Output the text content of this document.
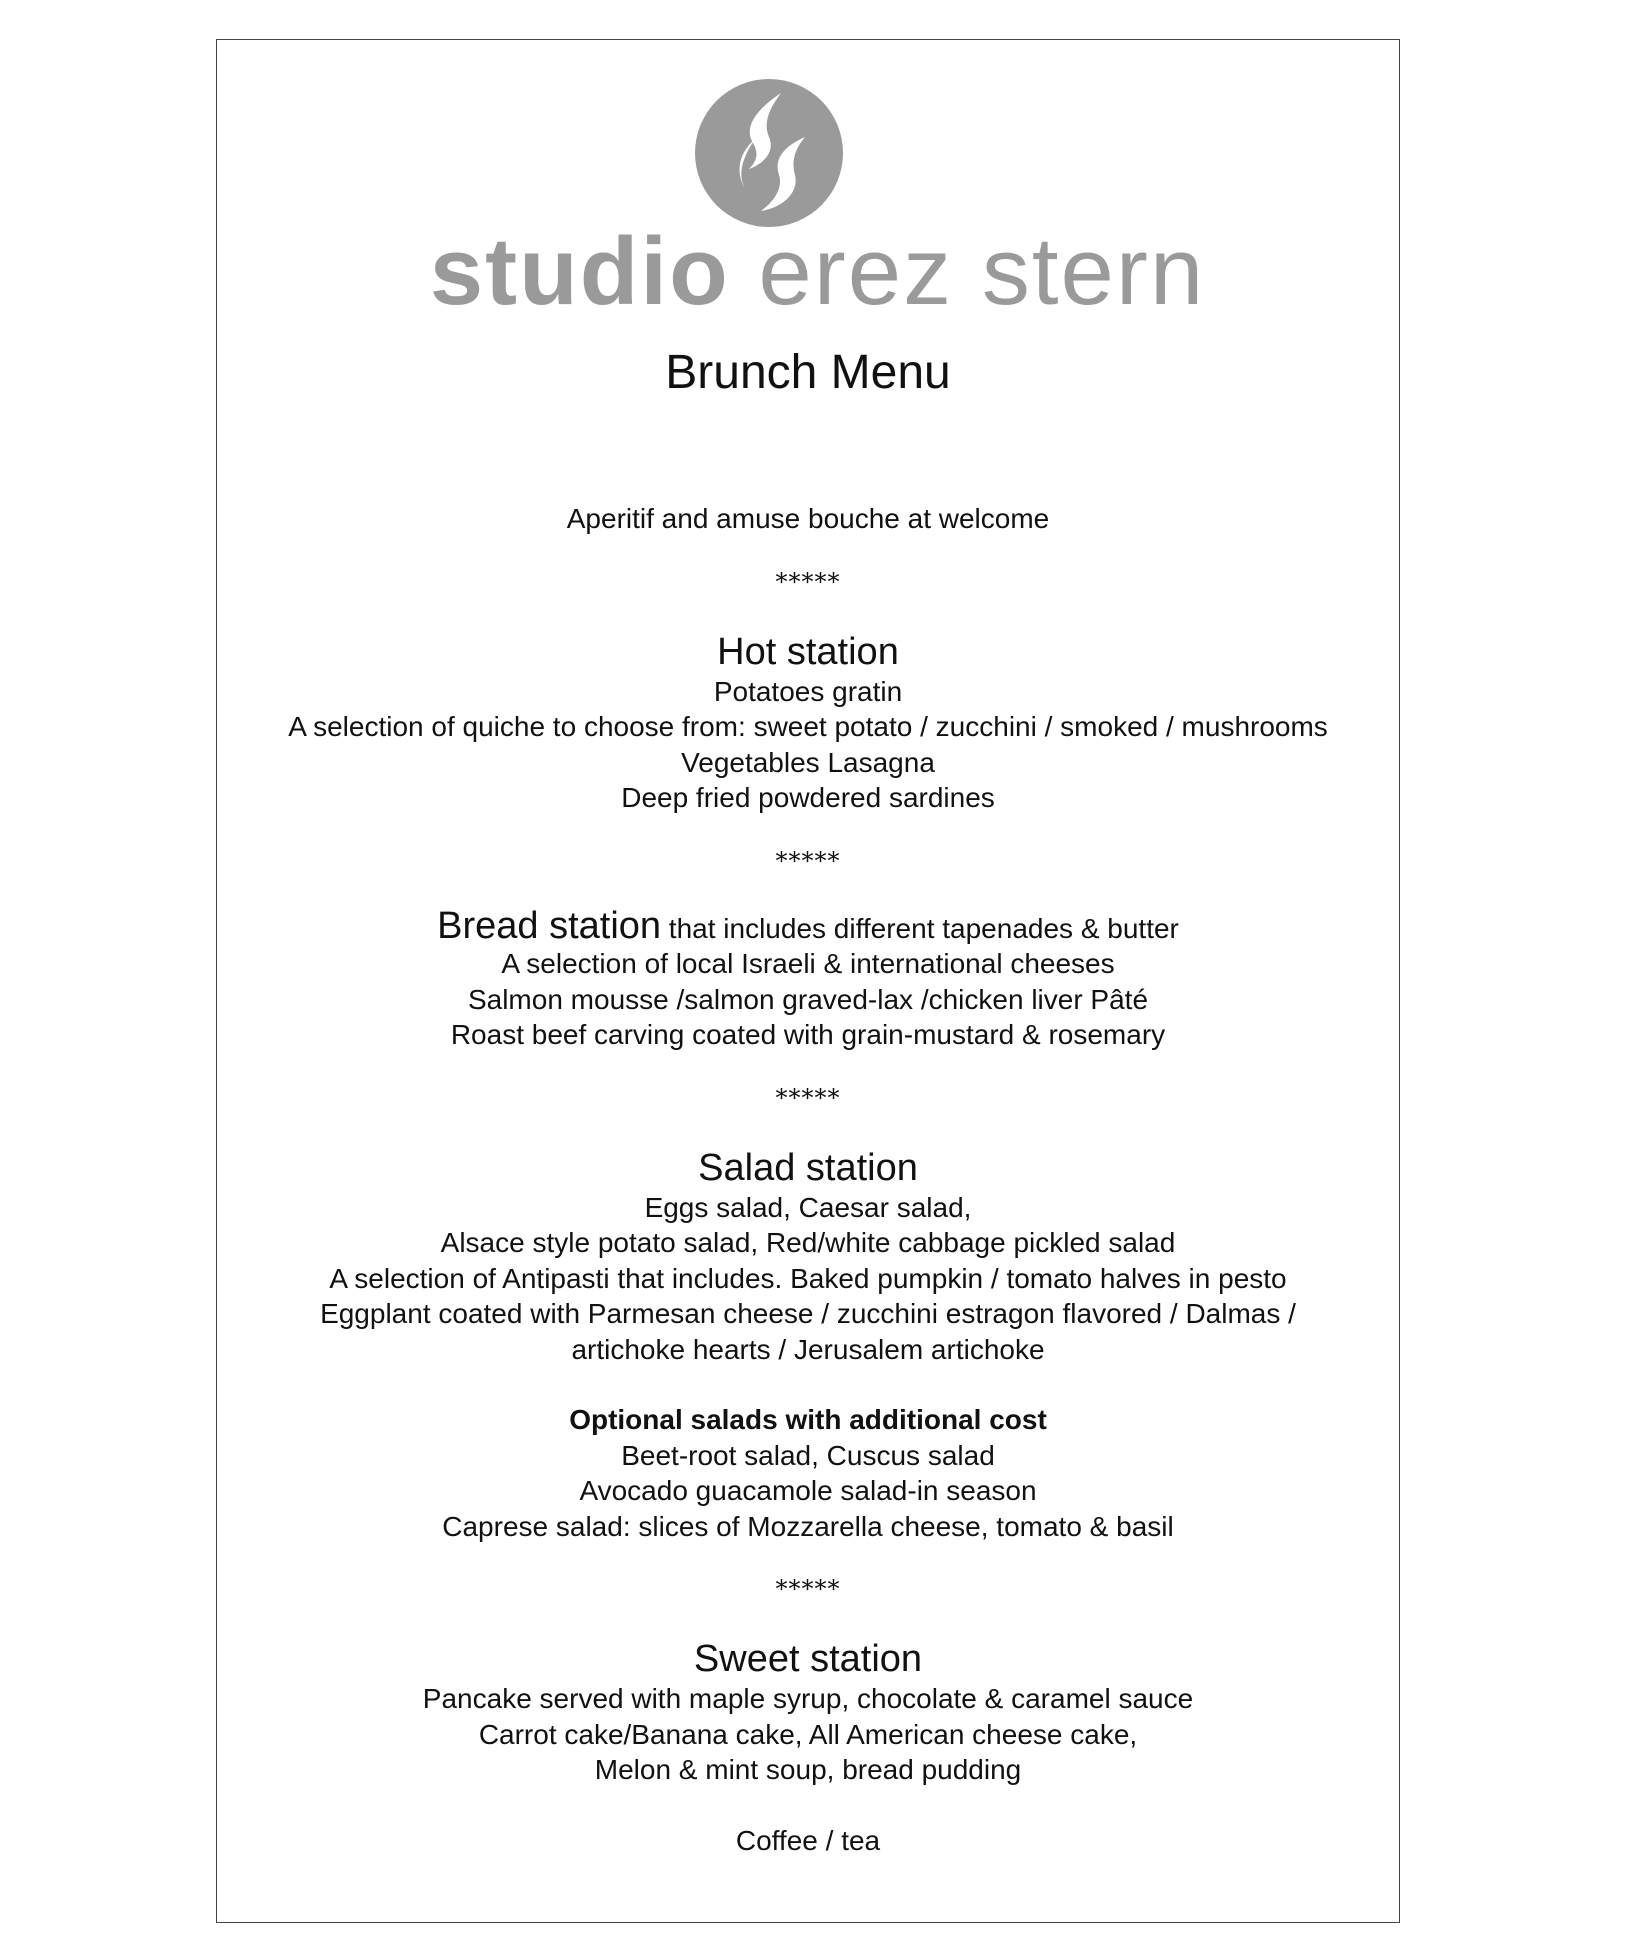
studio erez stern

Brunch Menu

Aperitif and amuse bouche at welcome

*****

Hot station

Potatoes gratin

A selection of quiche to choose from: sweet potato / zucchini / smoked / mushrooms

Vegetables Lasagna

Deep fried powdered sardines

*****

Bread station that includes different tapenades & butter

A selection of local Israeli & international cheeses

Salmon mousse /salmon graved-lax /chicken liver Pâté

Roast beef carving coated with grain-mustard & rosemary

*****

Salad station

Eggs salad, Caesar salad,

Alsace style potato salad, Red/white cabbage pickled salad

A selection of Antipasti that includes. Baked pumpkin / tomato halves in pesto

Eggplant coated with Parmesan cheese / zucchini estragon flavored / Dalmas /

artichoke hearts / Jerusalem artichoke

Optional salads with additional cost

Beet-root salad, Cuscus salad

Avocado guacamole salad-in season

Caprese salad: slices of Mozzarella cheese, tomato & basil

*****

Sweet station

Pancake served with maple syrup, chocolate & caramel sauce

Carrot cake/Banana cake, All American cheese cake,

Melon & mint soup, bread pudding

Coffee / tea
